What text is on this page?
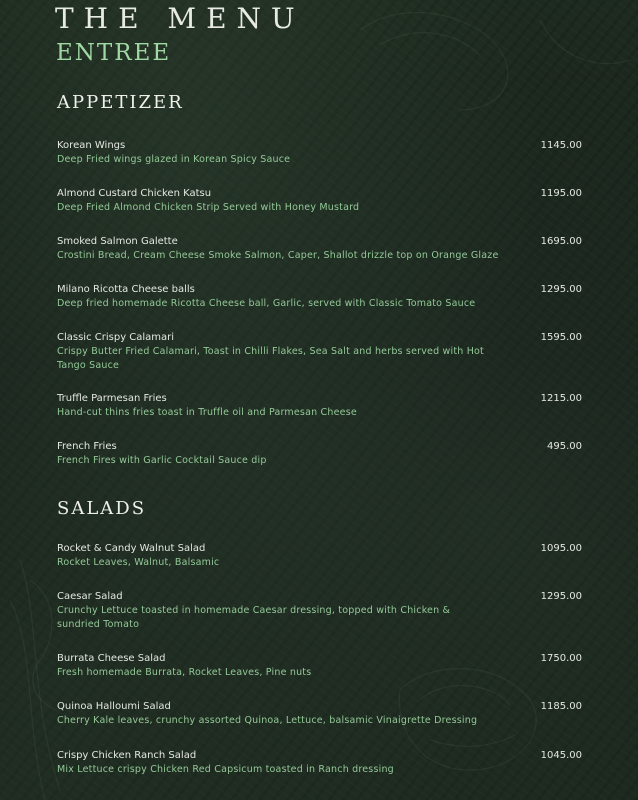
THE MENU
ENTREE
APPETIZER
Korean Wings
Deep Fried wings glazed in Korean Spicy Sauce
1145.00
Almond Custard Chicken Katsu
Deep Fried Almond Chicken Strip Served with Honey Mustard
1195.00
Smoked Salmon Galette
Crostini Bread, Cream Cheese Smoke Salmon, Caper, Shallot drizzle top on Orange Glaze
1695.00
Milano Ricotta Cheese balls
Deep fried homemade Ricotta Cheese ball, Garlic, served with Classic Tomato Sauce
1295.00
Classic Crispy Calamari
Crispy Butter Fried Calamari, Toast in Chilli Flakes, Sea Salt and herbs served with Hot Tango Sauce
1595.00
Truffle Parmesan Fries
Hand-cut thins fries toast in Truffle oil and Parmesan Cheese
1215.00
French Fries
French Fires with Garlic Cocktail Sauce dip
495.00
SALADS
Rocket & Candy Walnut Salad
Rocket Leaves, Walnut, Balsamic
1095.00
Caesar Salad
Crunchy Lettuce toasted in homemade Caesar dressing, topped with Chicken & sundried Tomato
1295.00
Burrata Cheese Salad
Fresh homemade Burrata, Rocket Leaves, Pine nuts
1750.00
Quinoa Halloumi Salad
Cherry Kale leaves, crunchy assorted Quinoa, Lettuce, balsamic Vinaigrette Dressing
1185.00
Crispy Chicken Ranch Salad
Mix Lettuce crispy Chicken Red Capsicum toasted in Ranch dressing
1045.00
